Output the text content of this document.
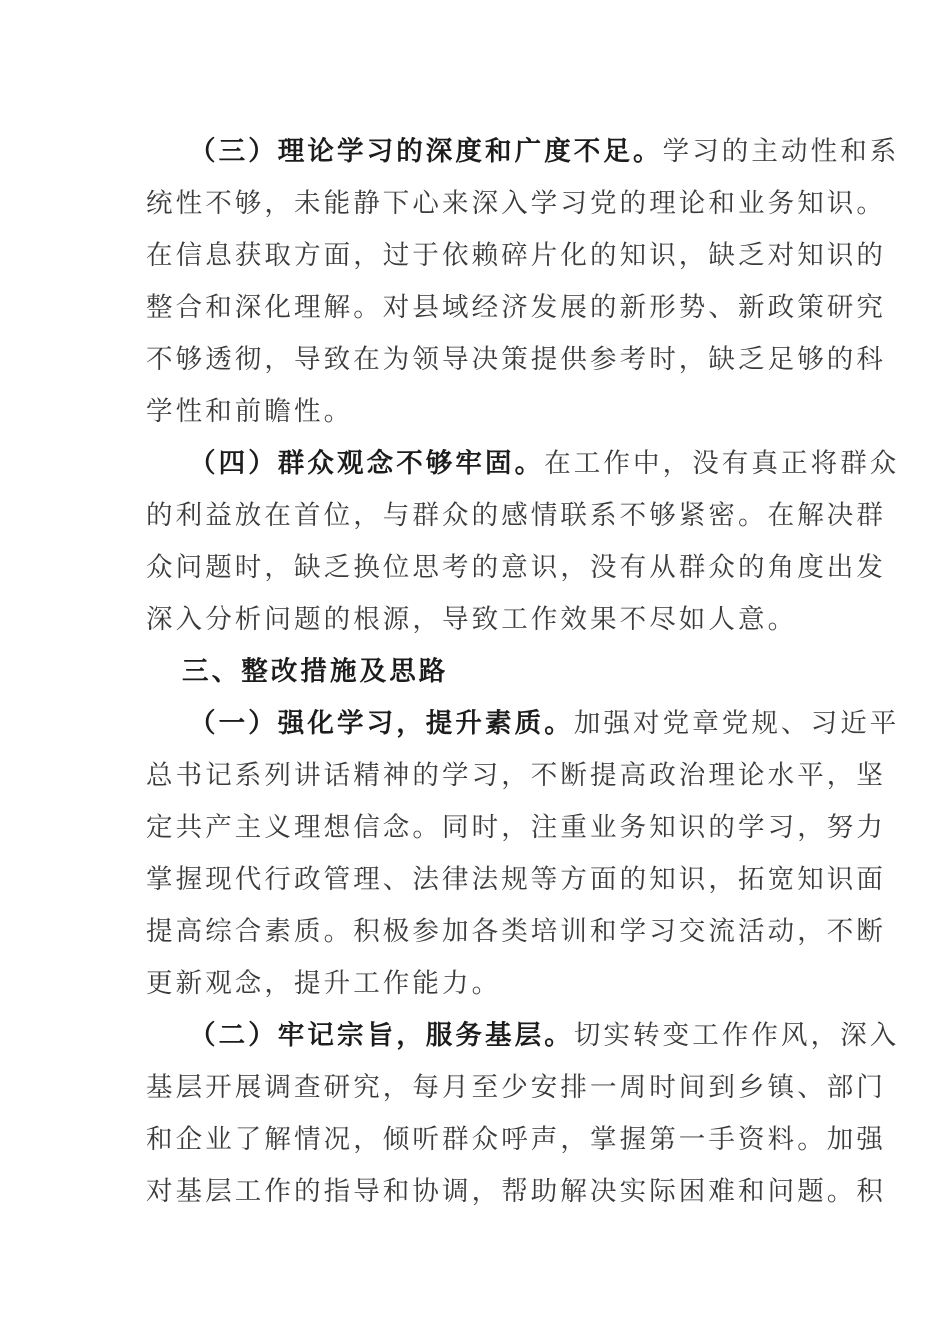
（三）理论学习的深度和广度不足。学习的主动性和系
统性不够，未能静下心来深入学习党的理论和业务知识。
在信息获取方面，过于依赖碎片化的知识，缺乏对知识的
整合和深化理解。对县域经济发展的新形势、新政策研究
不够透彻，导致在为领导决策提供参考时，缺乏足够的科
学性和前瞻性。
（四）群众观念不够牢固。在工作中，没有真正将群众
的利益放在首位，与群众的感情联系不够紧密。在解决群
众问题时，缺乏换位思考的意识，没有从群众的角度出发
深入分析问题的根源，导致工作效果不尽如人意。
三、整改措施及思路
（一）强化学习，提升素质。加强对党章党规、习近平
总书记系列讲话精神的学习，不断提高政治理论水平，坚
定共产主义理想信念。同时，注重业务知识的学习，努力
掌握现代行政管理、法律法规等方面的知识，拓宽知识面
提高综合素质。积极参加各类培训和学习交流活动，不断
更新观念，提升工作能力。
（二）牢记宗旨，服务基层。切实转变工作作风，深入
基层开展调查研究，每月至少安排一周时间到乡镇、部门
和企业了解情况，倾听群众呼声，掌握第一手资料。加强
对基层工作的指导和协调，帮助解决实际困难和问题。积
